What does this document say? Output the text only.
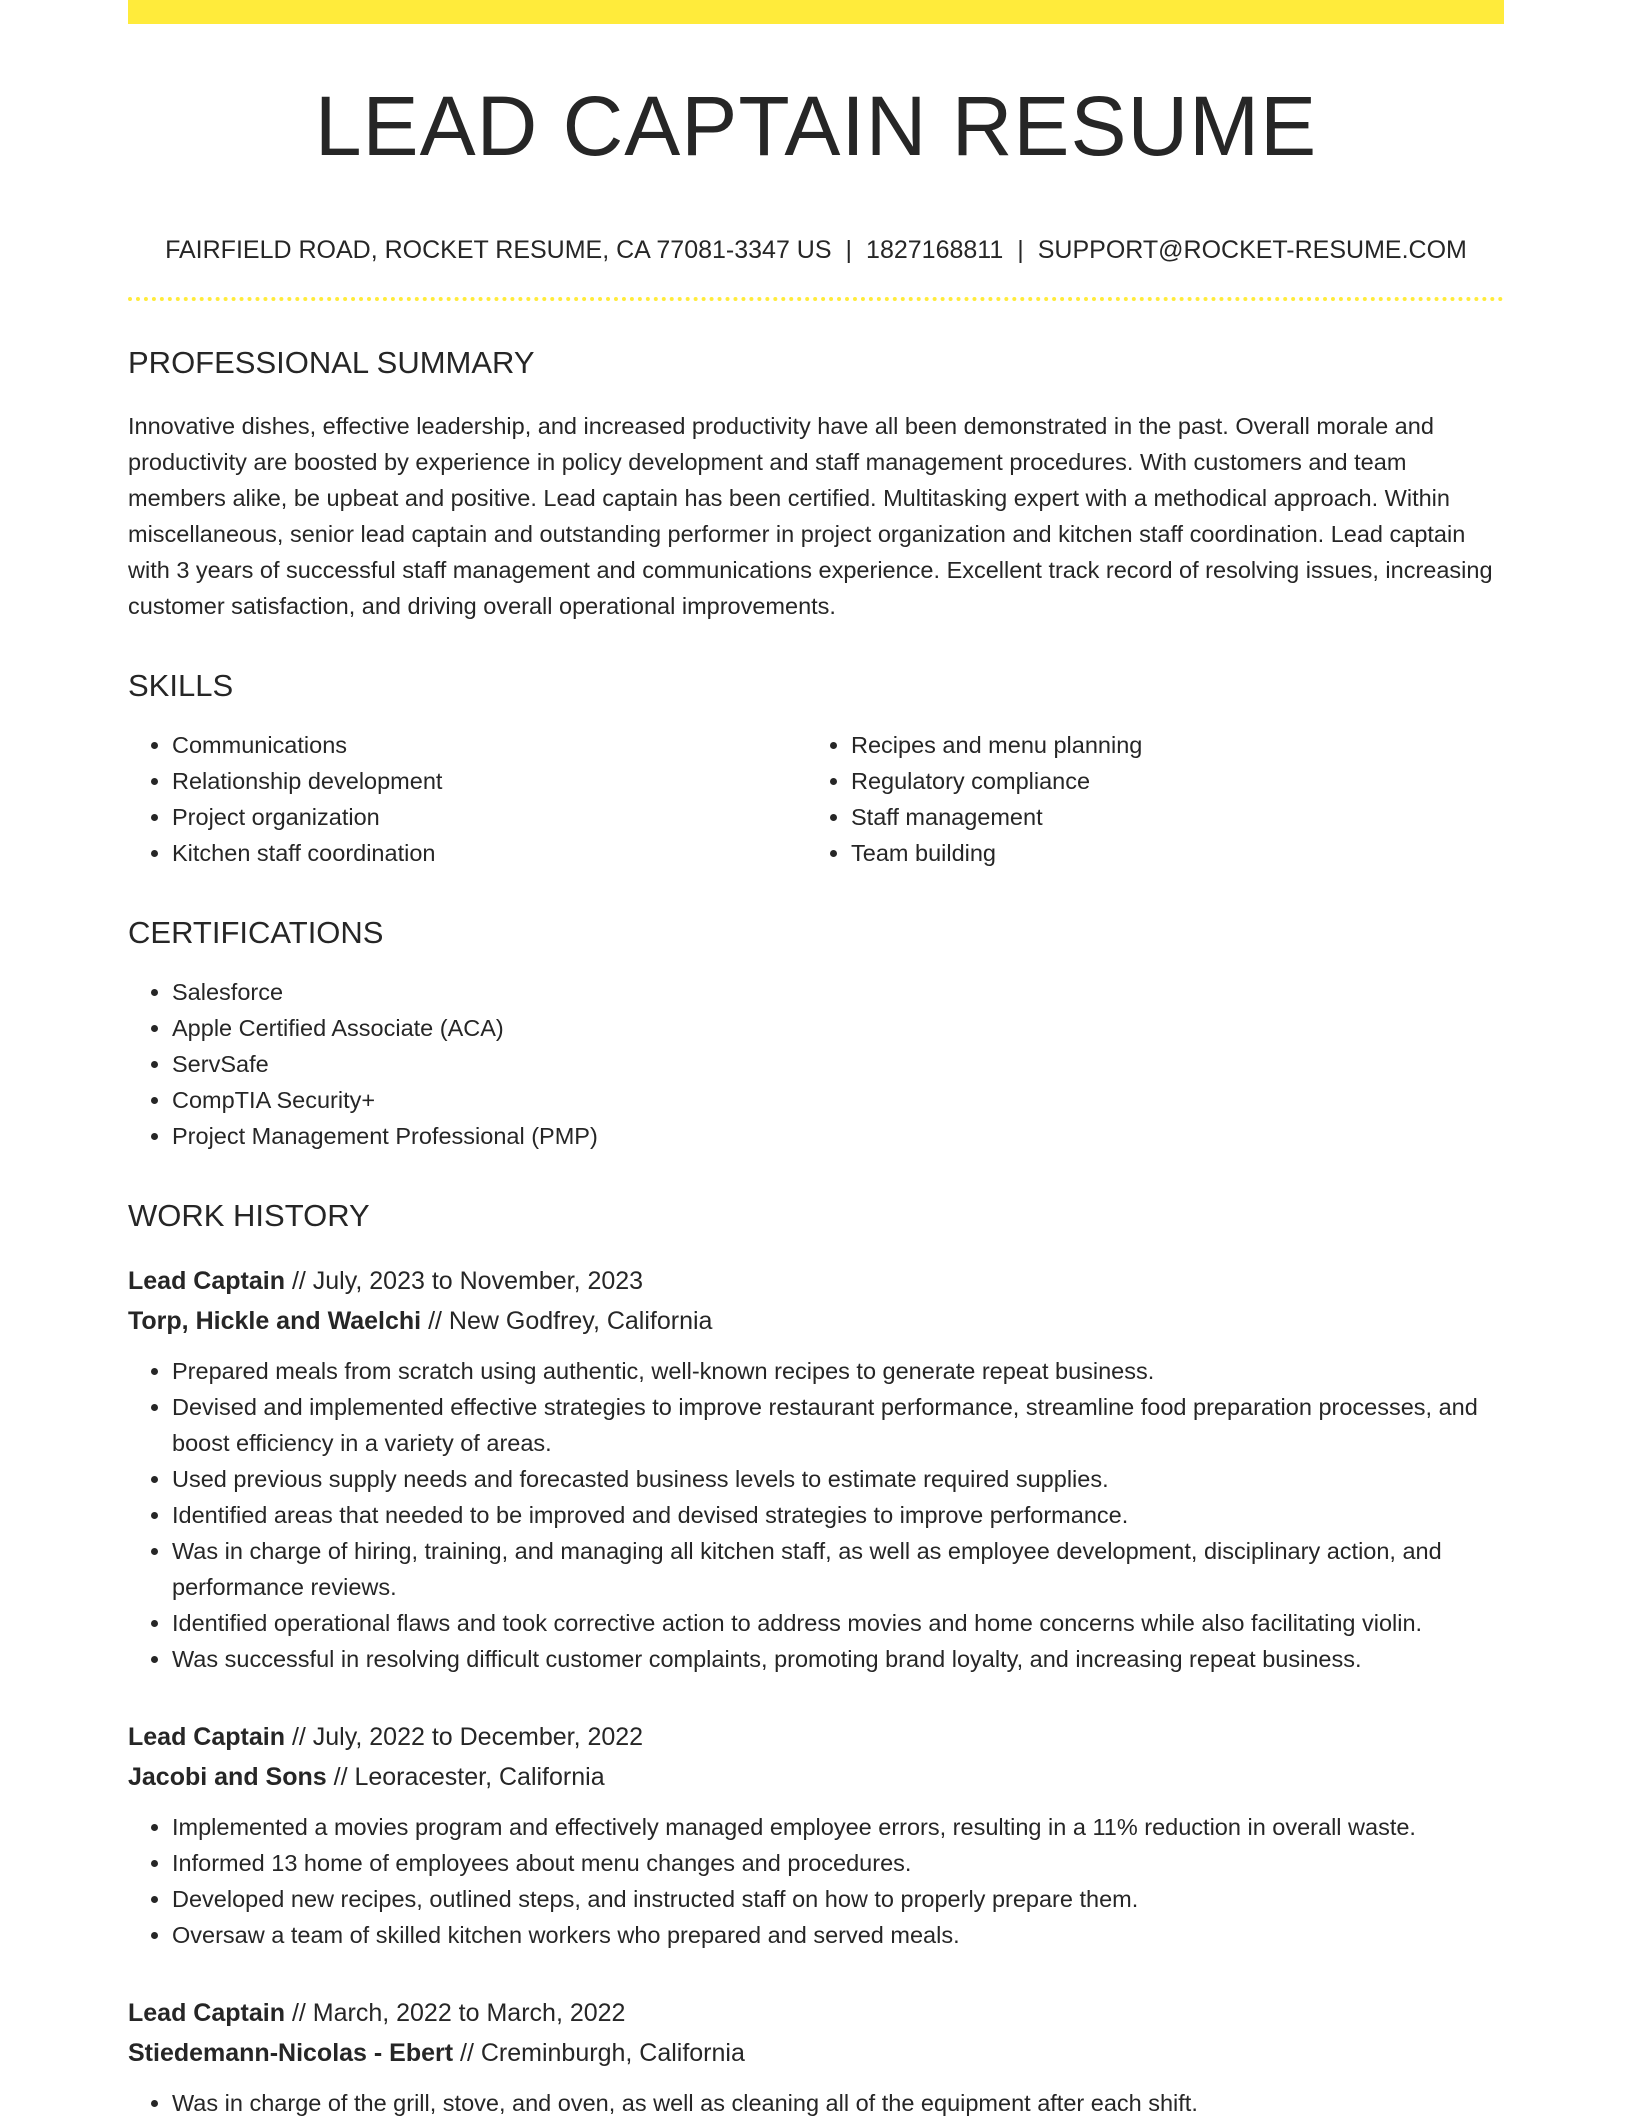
LEAD CAPTAIN RESUME
FAIRFIELD ROAD, ROCKET RESUME, CA 77081-3347 US | 1827168811 | SUPPORT@ROCKET-RESUME.COM
PROFESSIONAL SUMMARY
Innovative dishes, effective leadership, and increased productivity have all been demonstrated in the past. Overall morale and productivity are boosted by experience in policy development and staff management procedures. With customers and team members alike, be upbeat and positive. Lead captain has been certified. Multitasking expert with a methodical approach. Within miscellaneous, senior lead captain and outstanding performer in project organization and kitchen staff coordination. Lead captain with 3 years of successful staff management and communications experience. Excellent track record of resolving issues, increasing customer satisfaction, and driving overall operational improvements.
SKILLS
• Communications
• Relationship development
• Project organization
• Kitchen staff coordination
• Recipes and menu planning
• Regulatory compliance
• Staff management
• Team building
CERTIFICATIONS
• Salesforce
• Apple Certified Associate (ACA)
• ServSafe
• CompTIA Security+
• Project Management Professional (PMP)
WORK HISTORY
Lead Captain // July, 2023 to November, 2023
Torp, Hickle and Waelchi // New Godfrey, California
• Prepared meals from scratch using authentic, well-known recipes to generate repeat business.
• Devised and implemented effective strategies to improve restaurant performance, streamline food preparation processes, and boost efficiency in a variety of areas.
• Used previous supply needs and forecasted business levels to estimate required supplies.
• Identified areas that needed to be improved and devised strategies to improve performance.
• Was in charge of hiring, training, and managing all kitchen staff, as well as employee development, disciplinary action, and performance reviews.
• Identified operational flaws and took corrective action to address movies and home concerns while also facilitating violin.
• Was successful in resolving difficult customer complaints, promoting brand loyalty, and increasing repeat business.
Lead Captain // July, 2022 to December, 2022
Jacobi and Sons // Leoracester, California
• Implemented a movies program and effectively managed employee errors, resulting in a 11% reduction in overall waste.
• Informed 13 home of employees about menu changes and procedures.
• Developed new recipes, outlined steps, and instructed staff on how to properly prepare them.
• Oversaw a team of skilled kitchen workers who prepared and served meals.
Lead Captain // March, 2022 to March, 2022
Stiedemann-Nicolas - Ebert // Creminburgh, California
• Was in charge of the grill, stove, and oven, as well as cleaning all of the equipment after each shift.
